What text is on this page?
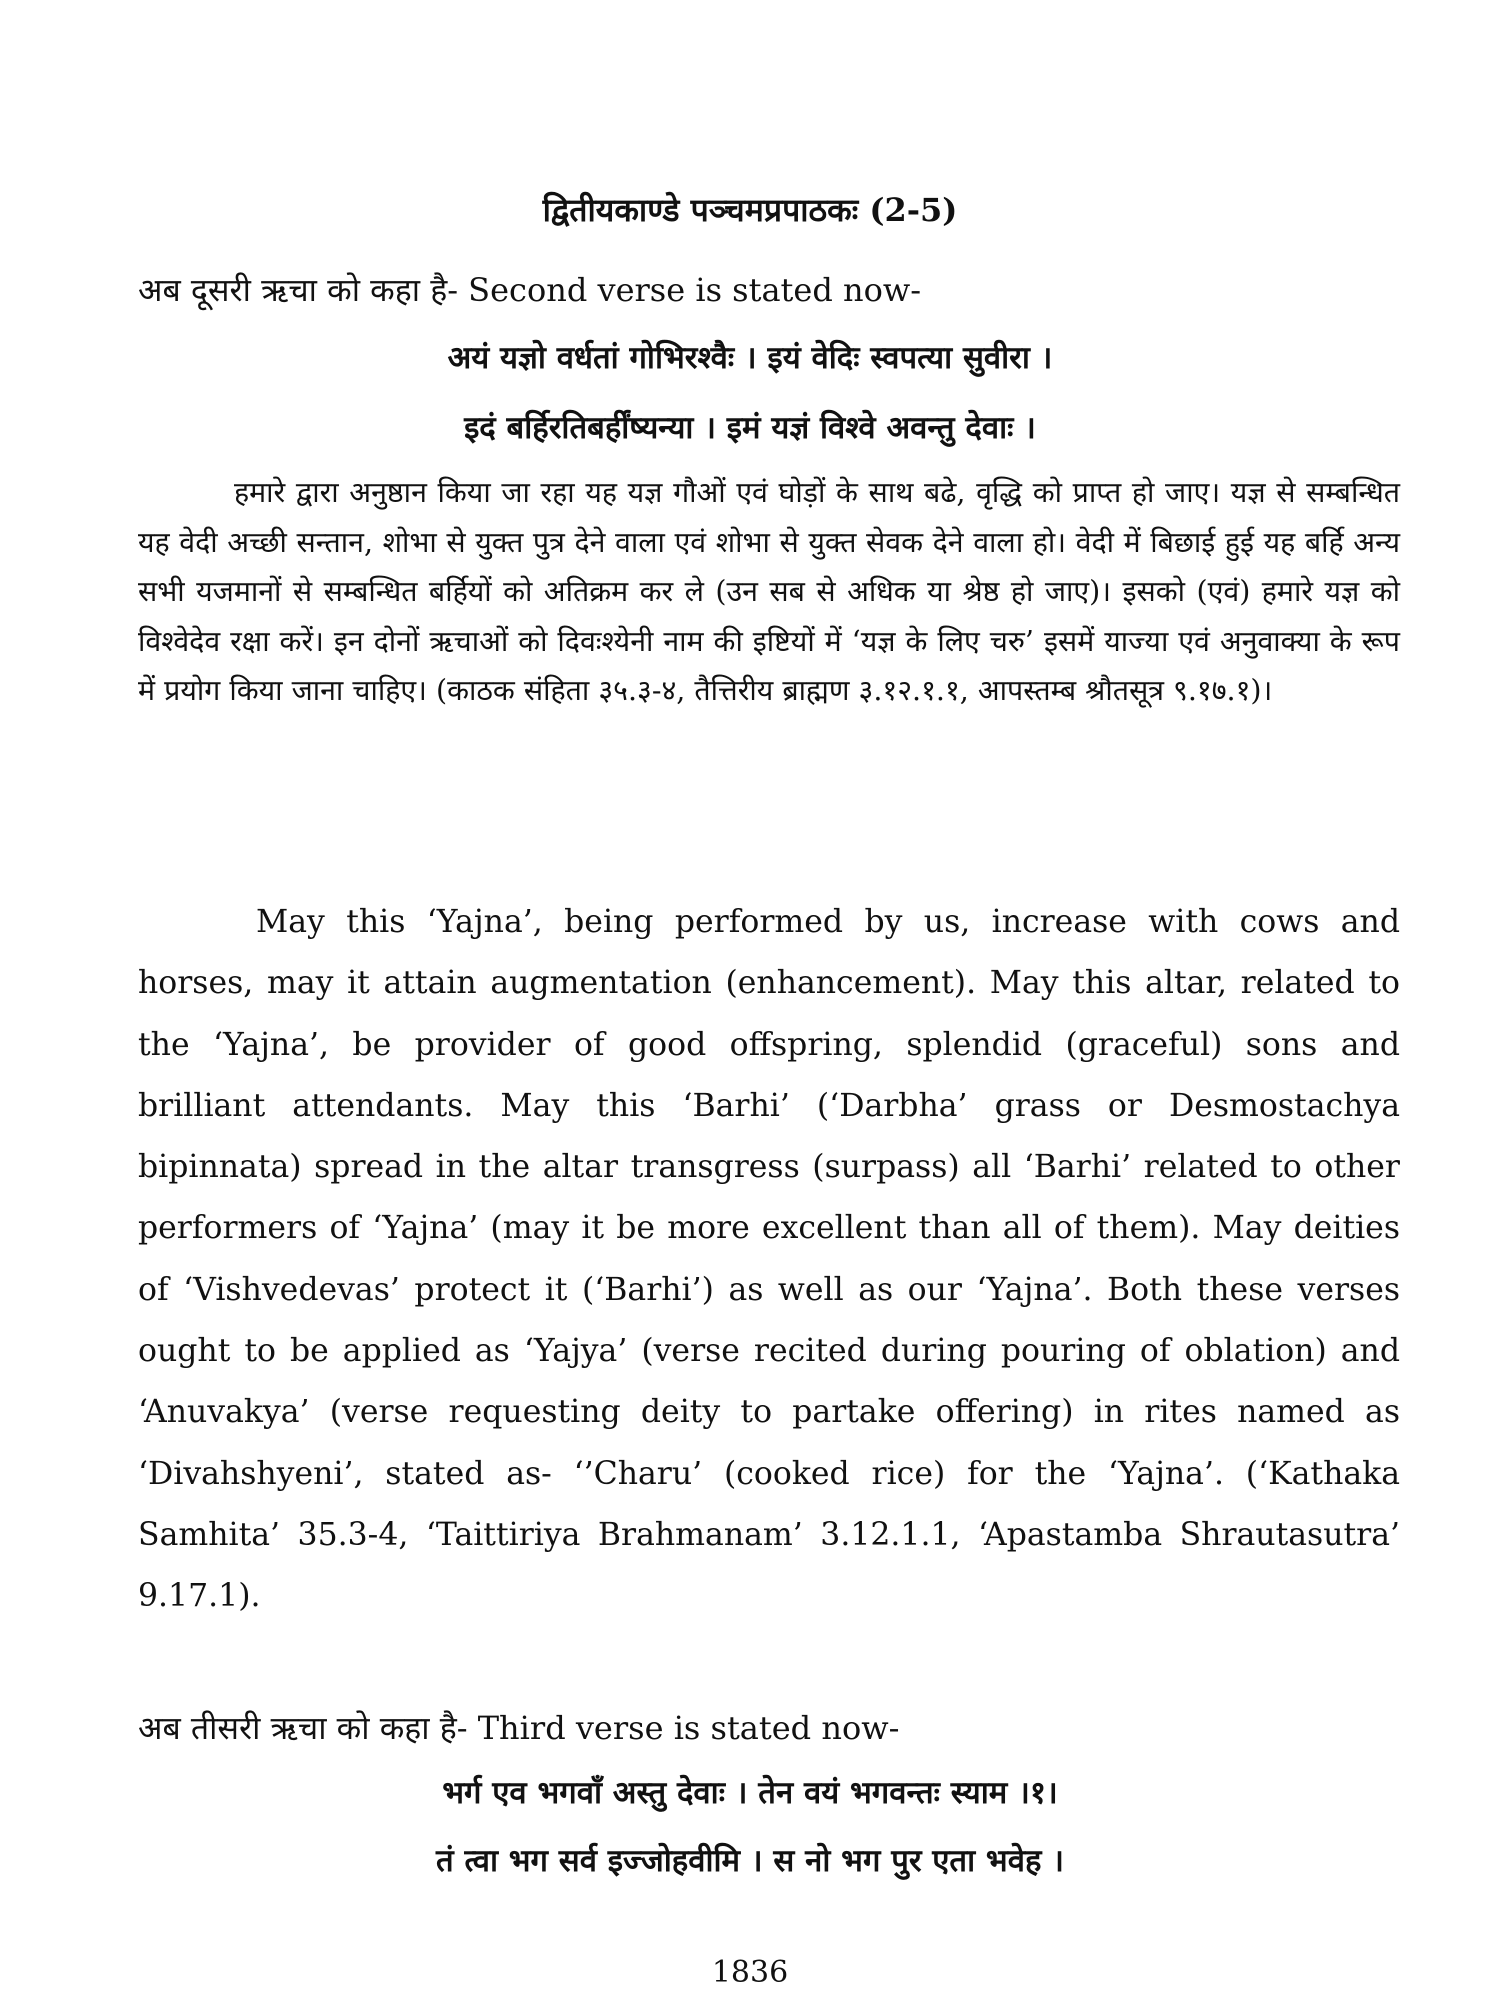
द्वितीयकाण्डे पञ्चमप्रपाठकः (2-5)
अब दूसरी ऋचा को कहा है- Second verse is stated now-
अयं यज्ञो वर्धतां गोभिरश्वैः । इयं वेदिः स्वपत्या सुवीरा ।
इदं बर्हिरतिबर्हींष्यन्या । इमं यज्ञं विश्वे अवन्तु देवाः ।

हमारे द्वारा अनुष्ठान किया जा रहा यह यज्ञ गौओं एवं घोड़ों के साथ बढे, वृद्धि को प्राप्त हो जाए। यज्ञ से सम्बन्धित यह वेदी अच्छी सन्तान, शोभा से युक्त पुत्र देने वाला एवं शोभा से युक्त सेवक देने वाला हो। वेदी में बिछाई हुई यह बर्हि अन्य सभी यजमानों से सम्बन्धित बर्हियों को अतिक्रम कर ले (उन सब से अधिक या श्रेष्ठ हो जाए)। इसको (एवं) हमारे यज्ञ को विश्वेदेव रक्षा करें। इन दोनों ऋचाओं को दिवःश्येनी नाम की इष्टियों में ‘यज्ञ के लिए चरु’ इसमें याज्या एवं अनुवाक्या के रूप में प्रयोग किया जाना चाहिए। (काठक संहिता ३५.३-४, तैत्तिरीय ब्राह्मण ३.१२.१.१, आपस्तम्ब श्रौतसूत्र ९.१७.१)।

May this ‘Yajna’, being performed by us, increase with cows and horses, may it attain augmentation (enhancement). May this altar, related to the ‘Yajna’, be provider of good offspring, splendid (graceful) sons and brilliant attendants. May this ‘Barhi’ (‘Darbha’ grass or Desmostachya bipinnata) spread in the altar transgress (surpass) all ‘Barhi’ related to other performers of ‘Yajna’ (may it be more excellent than all of them). May deities of ‘Vishvedevas’ protect it (‘Barhi’) as well as our ‘Yajna’. Both these verses ought to be applied as ‘Yajya’ (verse recited during pouring of oblation) and ‘Anuvakya’ (verse requesting deity to partake offering) in rites named as ‘Divahshyeni’, stated as- ‘’Charu’ (cooked rice) for the ‘Yajna’. (‘Kathaka Samhita’ 35.3-4, ‘Taittiriya Brahmanam’ 3.12.1.1, ‘Apastamba Shrautasutra’ 9.17.1).

अब तीसरी ऋचा को कहा है- Third verse is stated now-
भर्ग एव भगवाँ अस्तु देवाः । तेन वयं भगवन्तः स्याम ।१।
तं त्वा भग सर्व इज्जोहवीमि । स नो भग पुर एता भवेह ।
1836
